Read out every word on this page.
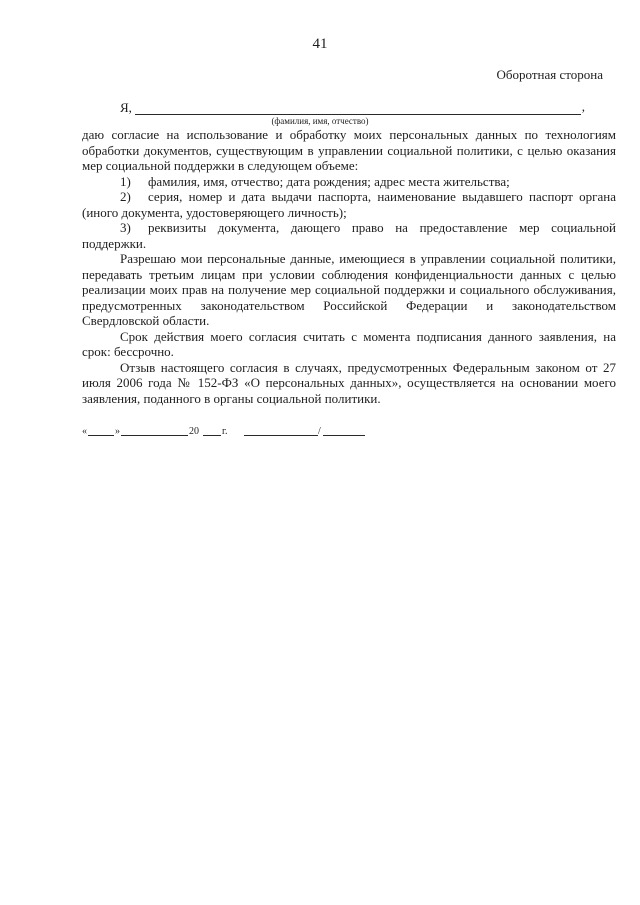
41
Оборотная сторона
Я,	,
(фамилия, имя, отчество)

даю согласие на использование и обработку моих персональных данных по технологиям обработки документов, существующим в управлении социальной политики, с целью оказания мер социальной поддержки в следующем объеме:

1) фамилия, имя, отчество; дата рождения; адрес места жительства;

2) серия, номер и дата выдачи паспорта, наименование выдавшего паспорт органа (иного документа, удостоверяющего личность);

3) реквизиты документа, дающего право на предоставление мер социальной поддержки.

Разрешаю мои персональные данные, имеющиеся в управлении социальной политики, передавать третьим лицам при условии соблюдения конфиденциальности данных с целью реализации моих прав на получение мер социальной поддержки и социального обслуживания, предусмотренных законодательством Российской Федерации и законодательством Свердловской области.

Срок действия моего согласия считать с момента подписания данного заявления, на срок: бессрочно.

Отзыв настоящего согласия в случаях, предусмотренных Федеральным законом от 27 июля 2006 года № 152-ФЗ «О персональных данных», осуществляется на основании моего заявления, поданного в органы социальной политики.

«	»	20 г.	/
